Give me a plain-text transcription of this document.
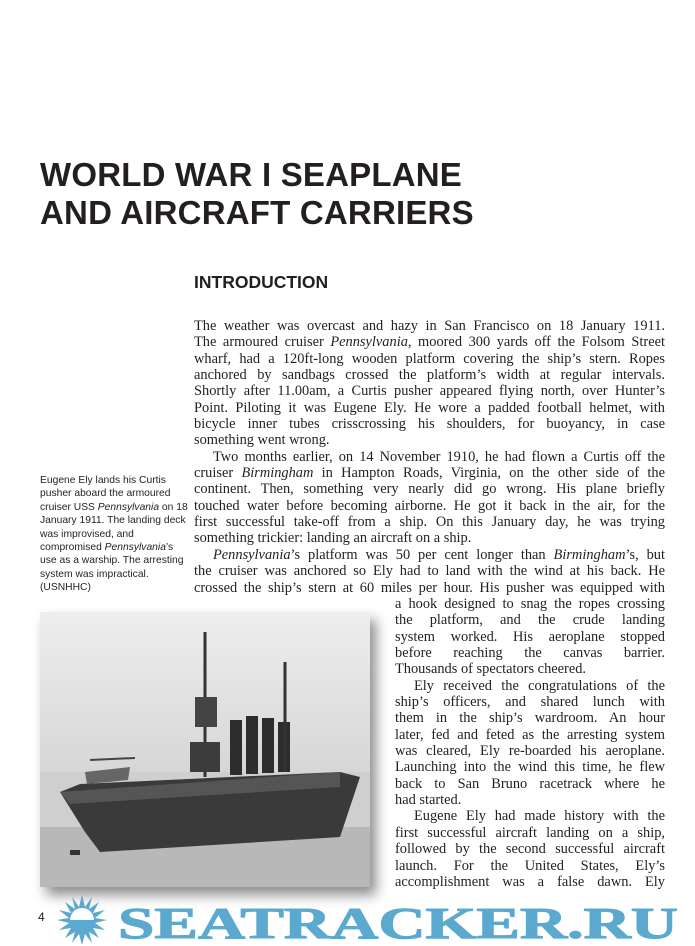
WORLD WAR I SEAPLANE
AND AIRCRAFT CARRIERS
INTRODUCTION
The weather was overcast and hazy in San Francisco on 18 January 1911.
The armoured cruiser Pennsylvania, moored 300 yards off the Folsom Street
wharf, had a 120ft-long wooden platform covering the ship’s stern. Ropes
anchored by sandbags crossed the platform’s width at regular intervals.
Shortly after 11.00am, a Curtis pusher appeared flying north, over Hunter’s
Point. Piloting it was Eugene Ely. He wore a padded football helmet, with
bicycle inner tubes crisscrossing his shoulders, for buoyancy, in case
something went wrong.
Two months earlier, on 14 November 1910, he had flown a Curtis off the
cruiser Birmingham in Hampton Roads, Virginia, on the other side of the
continent. Then, something very nearly did go wrong. His plane briefly
touched water before becoming airborne. He got it back in the air, for the
first successful take-off from a ship. On this January day, he was trying
something trickier: landing an aircraft on a ship.
Pennsylvania’s platform was 50 per cent longer than Birmingham’s, but
the cruiser was anchored so Ely had to land with the wind at his back. He
crossed the ship’s stern at 60 miles per hour. His pusher was equipped with
a hook designed to snag the ropes crossing
the platform, and the crude landing
system worked. His aeroplane stopped
before reaching the canvas barrier.
Thousands of spectators cheered.
Ely received the congratulations of the
ship’s officers, and shared lunch with
them in the ship’s wardroom. An hour
later, fed and feted as the arresting system
was cleared, Ely re-boarded his aeroplane.
Launching into the wind this time, he flew
back to San Bruno racetrack where he
had started.
Eugene Ely had made history with the
first successful aircraft landing on a ship,
followed by the second successful aircraft
launch. For the United States, Ely’s
accomplishment was a false dawn. Ely
Eugene Ely lands his Curtis
pusher aboard the armoured
cruiser USS Pennsylvania on 18
January 1911. The landing deck
was improvised, and
compromised Pennsylvania’s
use as a warship. The arresting
system was impractical.
(USNHHC)
SEATRACKER.RU
4
